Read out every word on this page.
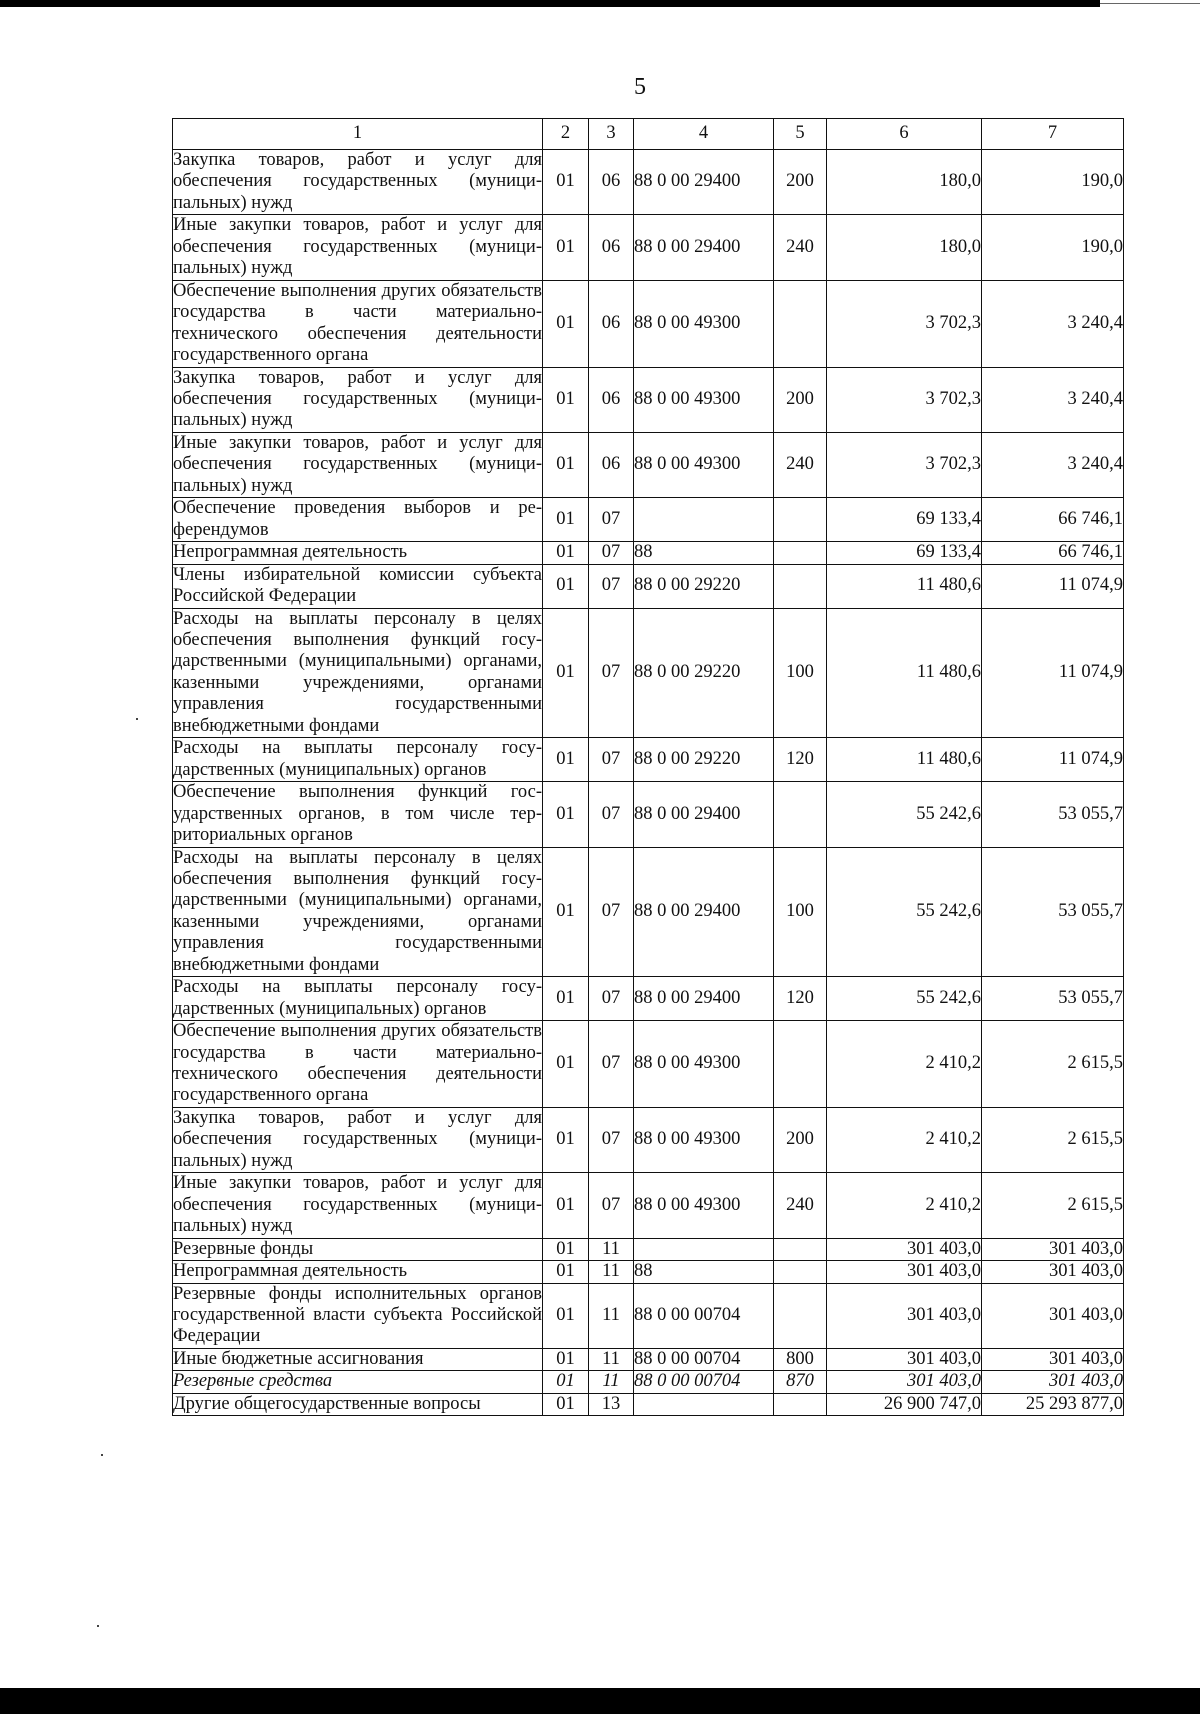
5
1	2	3	4	5	6	7
Закупка товаров, работ и услуг для обеспечения государственных (муниципальных) нужд	01	06	88 0 00 29400	200	180,0	190,0
Иные закупки товаров, работ и услуг для обеспечения государственных (муниципальных) нужд	01	06	88 0 00 29400	240	180,0	190,0
Обеспечение выполнения других обязательств государства в части материально-технического обеспечения деятельности государственного органа	01	06	88 0 00 49300		3 702,3	3 240,4
Закупка товаров, работ и услуг для обеспечения государственных (муниципальных) нужд	01	06	88 0 00 49300	200	3 702,3	3 240,4
Иные закупки товаров, работ и услуг для обеспечения государственных (муниципальных) нужд	01	06	88 0 00 49300	240	3 702,3	3 240,4
Обеспечение проведения выборов и референдумов	01	07			69 133,4	66 746,1
Непрограммная деятельность	01	07	88		69 133,4	66 746,1
Члены избирательной комиссии субъекта Российской Федерации	01	07	88 0 00 29220		11 480,6	11 074,9
Расходы на выплаты персоналу в целях обеспечения выполнения функций государственными (муниципальными) органами, казенными учреждениями, органами управления государственными внебюджетными фондами	01	07	88 0 00 29220	100	11 480,6	11 074,9
Расходы на выплаты персоналу государственных (муниципальных) органов	01	07	88 0 00 29220	120	11 480,6	11 074,9
Обеспечение выполнения функций государственных органов, в том числе территориальных органов	01	07	88 0 00 29400		55 242,6	53 055,7
Расходы на выплаты персоналу в целях обеспечения выполнения функций государственными (муниципальными) органами, казенными учреждениями, органами управления государственными внебюджетными фондами	01	07	88 0 00 29400	100	55 242,6	53 055,7
Расходы на выплаты персоналу государственных (муниципальных) органов	01	07	88 0 00 29400	120	55 242,6	53 055,7
Обеспечение выполнения других обязательств государства в части материально-технического обеспечения деятельности государственного органа	01	07	88 0 00 49300		2 410,2	2 615,5
Закупка товаров, работ и услуг для обеспечения государственных (муниципальных) нужд	01	07	88 0 00 49300	200	2 410,2	2 615,5
Иные закупки товаров, работ и услуг для обеспечения государственных (муниципальных) нужд	01	07	88 0 00 49300	240	2 410,2	2 615,5
Резервные фонды	01	11			301 403,0	301 403,0
Непрограммная деятельность	01	11	88		301 403,0	301 403,0
Резервные фонды исполнительных органов государственной власти субъекта Российской Федерации	01	11	88 0 00 00704		301 403,0	301 403,0
Иные бюджетные ассигнования	01	11	88 0 00 00704	800	301 403,0	301 403,0
Резервные средства	01	11	88 0 00 00704	870	301 403,0	301 403,0
Другие общегосударственные вопросы	01	13			26 900 747,0	25 293 877,0
